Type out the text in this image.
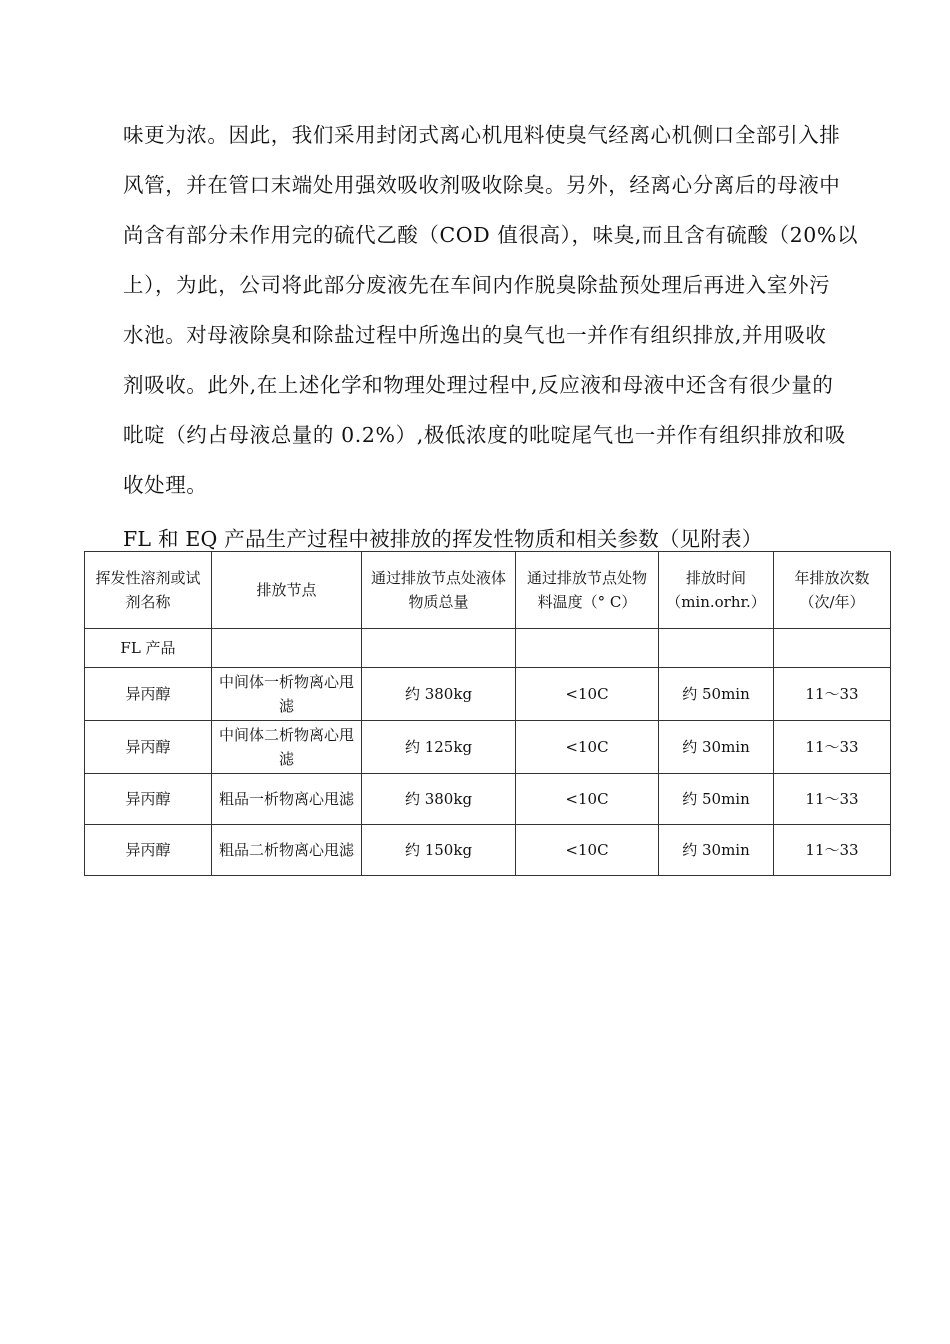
味更为浓。因此，我们采用封闭式离心机甩料使臭气经离心机侧口全部引入排
风管，并在管口末端处用强效吸收剂吸收除臭。另外，经离心分离后的母液中
尚含有部分未作用完的硫代乙酸（COD 值很高），味臭,而且含有硫酸（20%以
上），为此，公司将此部分废液先在车间内作脱臭除盐预处理后再进入室外污
水池。对母液除臭和除盐过程中所逸出的臭气也一并作有组织排放,并用吸收
剂吸收。此外,在上述化学和物理处理过程中,反应液和母液中还含有很少量的
吡啶（约占母液总量的 0.2%）,极低浓度的吡啶尾气也一并作有组织排放和吸
收处理。
FL 和 EQ 产品生产过程中被排放的挥发性物质和相关参数（见附表）
挥发性溶剂或试剂名称	排放节点	通过排放节点处液体物质总量	通过排放节点处物料温度（° C）	排放时间（min.orhr.）	年排放次数（次/年）
FL 产品					
异丙醇	中间体一析物离心甩滤	约 380kg	<10C	约 50min	11～33
异丙醇	中间体二析物离心甩滤	约 125kg	<10C	约 30min	11～33
异丙醇	粗品一析物离心甩滤	约 380kg	<10C	约 50min	11～33
异丙醇	粗品二析物离心甩滤	约 150kg	<10C	约 30min	11～33
